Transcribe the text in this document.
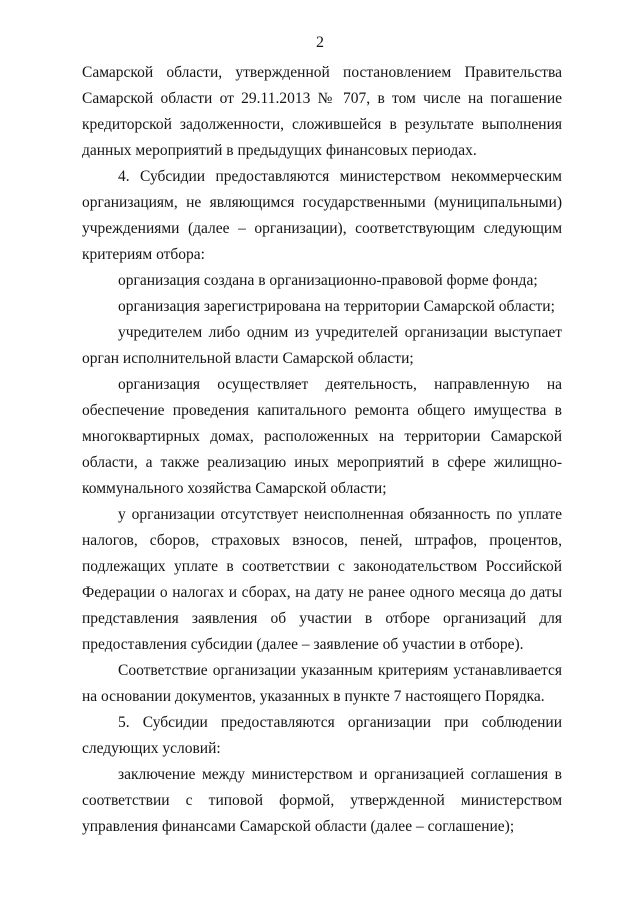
2

Самарской области, утвержденной постановлением Правительства Самарской области от 29.11.2013 № 707, в том числе на погашение кредиторской задолженности, сложившейся в результате выполнения данных мероприятий в предыдущих финансовых периодах.

4. Субсидии предоставляются министерством некоммерческим организациям, не являющимся государственными (муниципальными) учреждениями (далее – организации), соответствующим следующим критериям отбора:

организация создана в организационно-правовой форме фонда;

организация зарегистрирована на территории Самарской области;

учредителем либо одним из учредителей организации выступает орган исполнительной власти Самарской области;

организация осуществляет деятельность, направленную на обеспечение проведения капитального ремонта общего имущества в многоквартирных домах, расположенных на территории Самарской области, а также реализацию иных мероприятий в сфере жилищно-коммунального хозяйства Самарской области;

у организации отсутствует неисполненная обязанность по уплате налогов, сборов, страховых взносов, пеней, штрафов, процентов, подлежащих уплате в соответствии с законодательством Российской Федерации о налогах и сборах, на дату не ранее одного месяца до даты представления заявления об участии в отборе организаций для предоставления субсидии (далее – заявление об участии в отборе).

Соответствие организации указанным критериям устанавливается на основании документов, указанных в пункте 7 настоящего Порядка.

5. Субсидии предоставляются организации при соблюдении следующих условий:

заключение между министерством и организацией соглашения в соответствии с типовой формой, утвержденной министерством управления финансами Самарской области (далее – соглашение);
